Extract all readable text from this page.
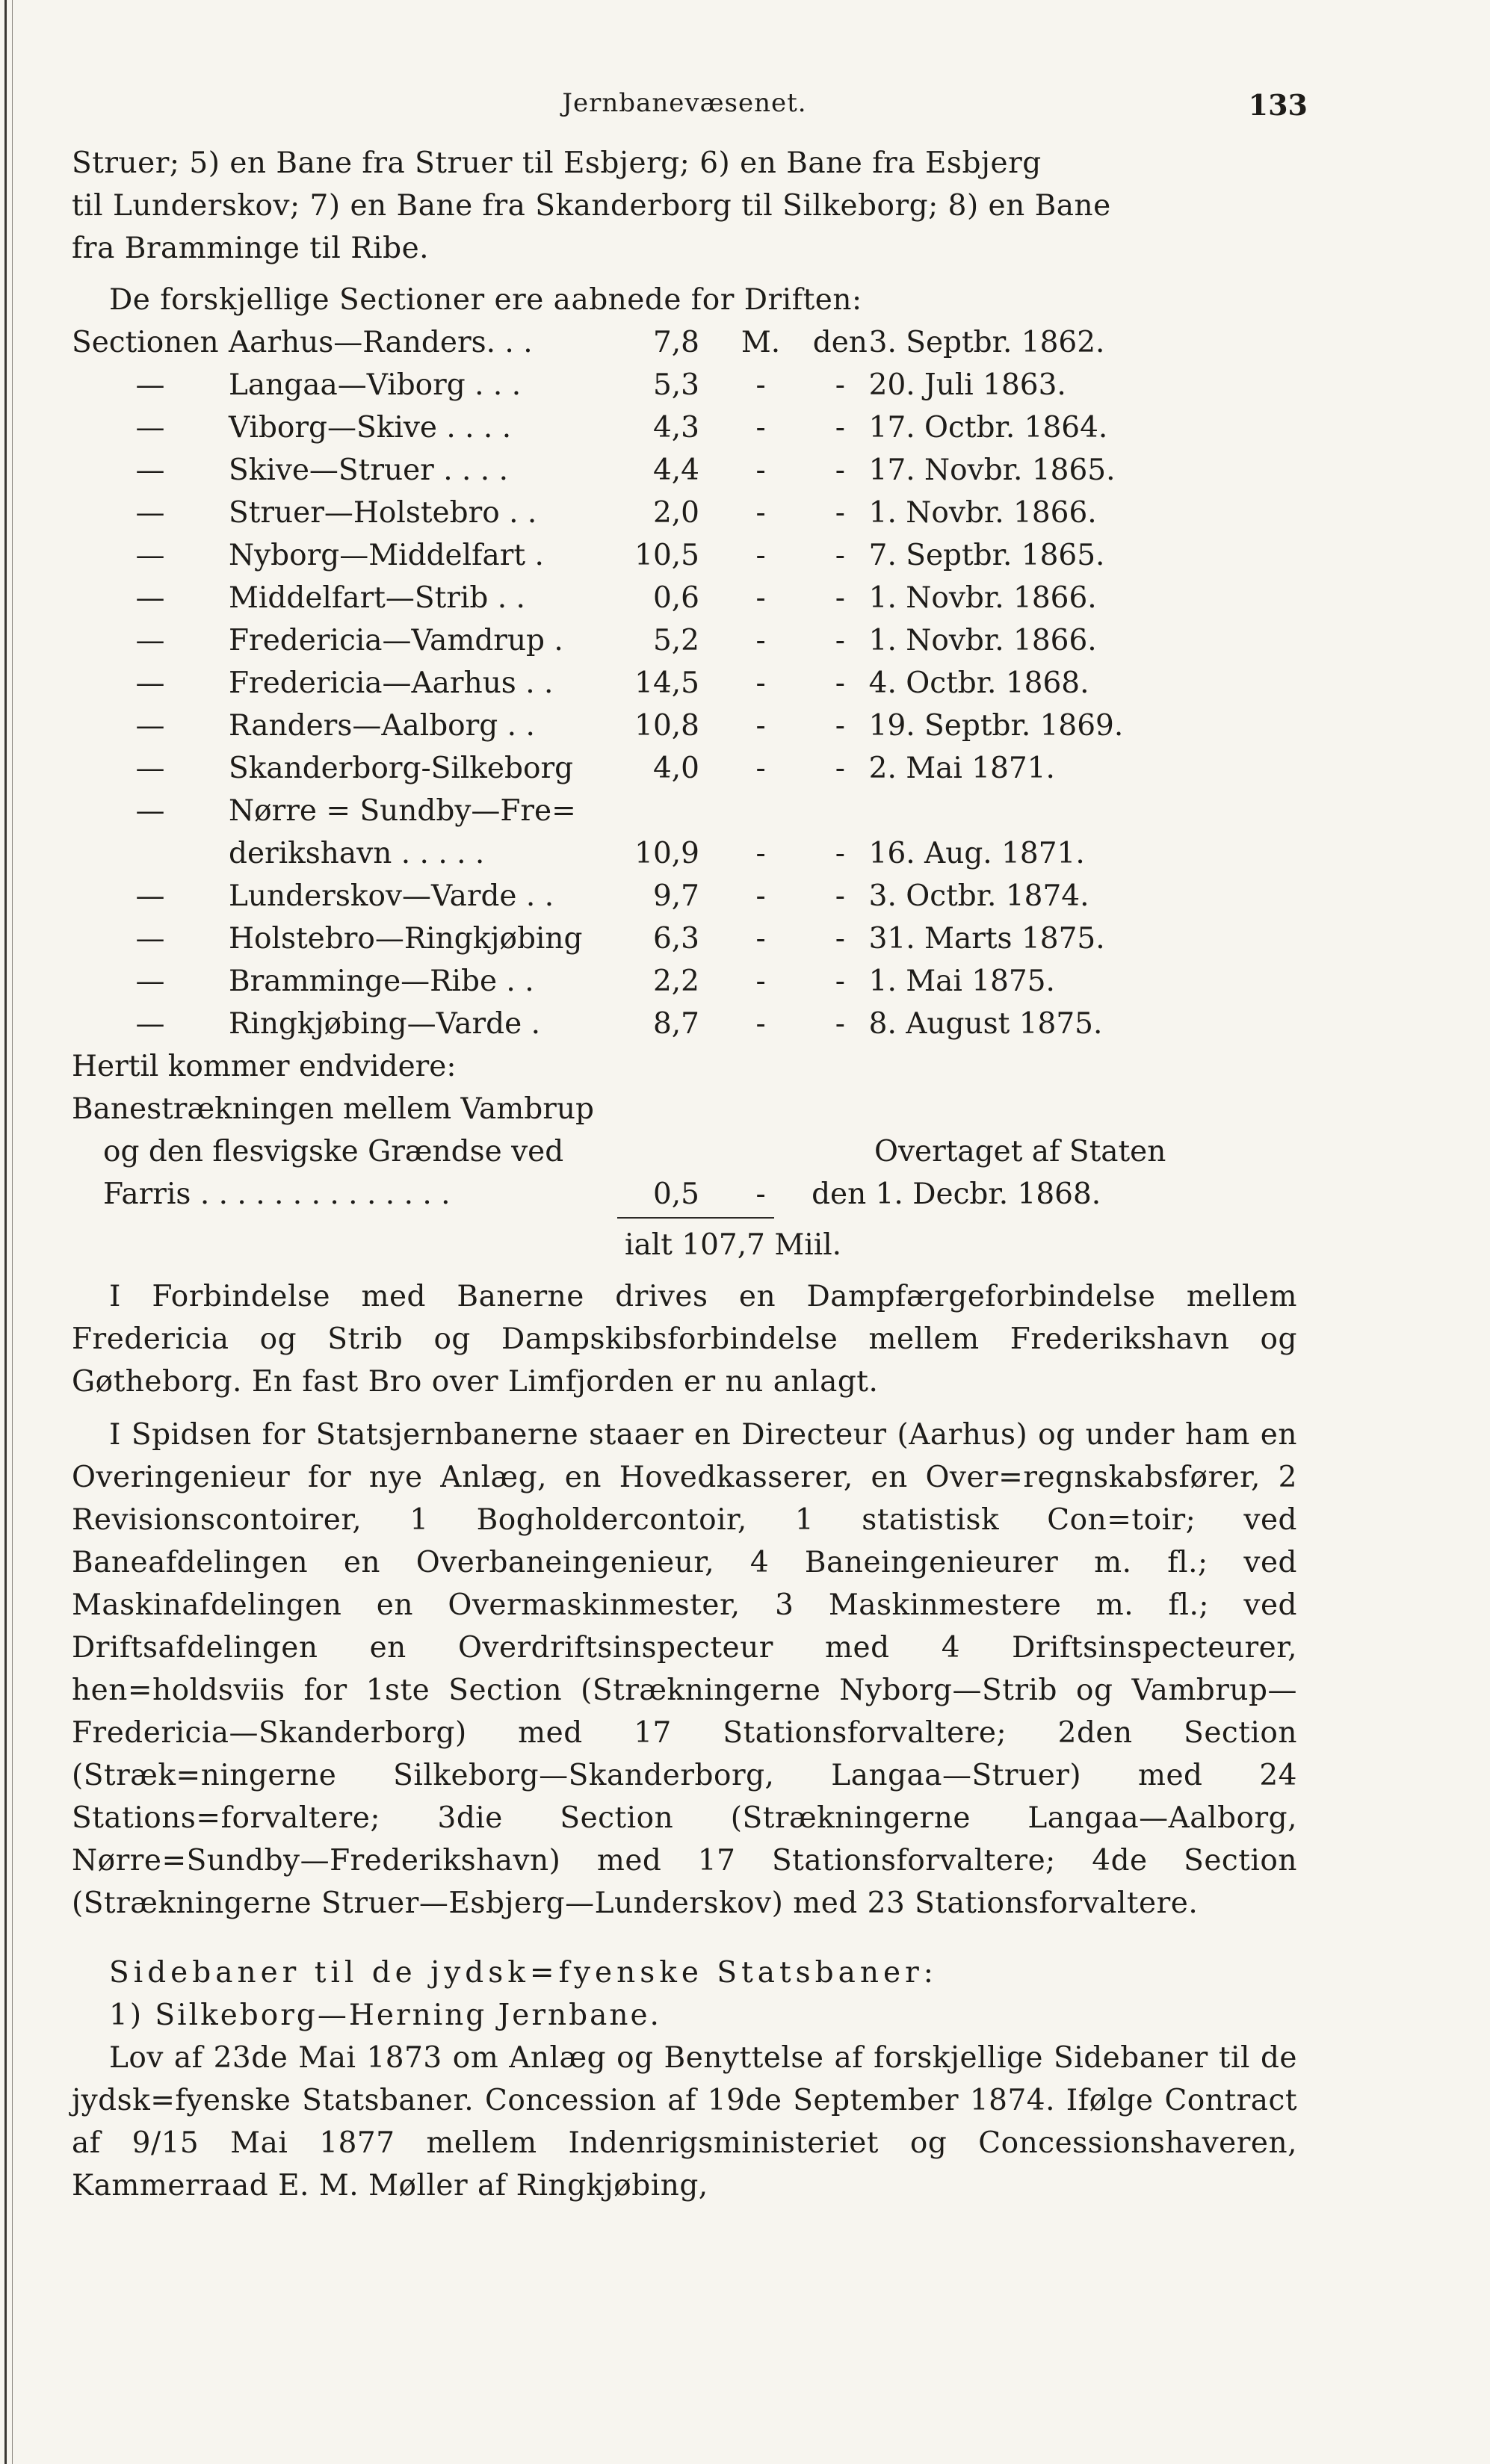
Jernbanevæsenet.	133

Struer; 5) en Bane fra Struer til Esbjerg; 6) en Bane fra Esbjerg

til Lunderskov; 7) en Bane fra Skanderborg til Silkeborg; 8) en Bane

fra Bramminge til Ribe.

De forskjellige Sectioner ere aabnede for Driften:

Sectionen	Aarhus—Randers. . .	7,8	M.	den	3. Septbr. 1862.
—	Langaa—Viborg . . .	5,3	-	-	20. Juli 1863.
—	Viborg—Skive . . . .	4,3	-	-	17. Octbr. 1864.
—	Skive—Struer . . . .	4,4	-	-	17. Novbr. 1865.
—	Struer—Holstebro . .	2,0	-	-	1. Novbr. 1866.
—	Nyborg—Middelfart .	10,5	-	-	7. Septbr. 1865.
—	Middelfart—Strib . .	0,6	-	-	1. Novbr. 1866.
—	Fredericia—Vamdrup .	5,2	-	-	1. Novbr. 1866.
—	Fredericia—Aarhus . .	14,5	-	-	4. Octbr. 1868.
—	Randers—Aalborg . .	10,8	-	-	19. Septbr. 1869.
—	Skanderborg-Silkeborg	4,0	-	-	2. Mai 1871.
—	Nørre = Sundby—Fre=				
	derikshavn . . . . .	10,9	-	-	16. Aug. 1871.
—	Lunderskov—Varde . .	9,7	-	-	3. Octbr. 1874.
—	Holstebro—Ringkjøbing	6,3	-	-	31. Marts 1875.
—	Bramminge—Ribe . .	2,2	-	-	1. Mai 1875.
—	Ringkjøbing—Varde .	8,7	-	-	8. August 1875.
Hertil kommer endvidere:					
Banestrækningen mellem Vambrup					
og den flesvigske Grændse ved			Overtaget af Staten		
Farris . . . . . . . . . . . . . .		0,5	-	den 1. Decbr. 1868.	
ialt 107,7 Miil.

I Forbindelse med Banerne drives en Dampfærgeforbindelse mellem Fredericia og Strib og Dampskibsforbindelse mellem Frederikshavn og Gøtheborg. En fast Bro over Limfjorden er nu anlagt.

I Spidsen for Statsjernbanerne staaer en Directeur (Aarhus) og under ham en Overingenieur for nye Anlæg, en Hovedkasserer, en Over=regnskabsfører, 2 Revisionscontoirer, 1 Bogholdercontoir, 1 statistisk Con=toir; ved Baneafdelingen en Overbaneingenieur, 4 Baneingenieurer m. fl.; ved Maskinafdelingen en Overmaskinmester, 3 Maskinmestere m. fl.; ved Driftsafdelingen en Overdriftsinspecteur med 4 Driftsinspecteurer, hen=holdsviis for 1ste Section (Strækningerne Nyborg—Strib og Vambrup—Fredericia—Skanderborg) med 17 Stationsforvaltere; 2den Section (Stræk=ningerne Silkeborg—Skanderborg, Langaa—Struer) med 24 Stations=forvaltere; 3die Section (Strækningerne Langaa—Aalborg, Nørre=Sundby—Frederikshavn) med 17 Stationsforvaltere; 4de Section (Strækningerne Struer—Esbjerg—Lunderskov) med 23 Stationsforvaltere.

Sidebaner til de jydsk=fyenske Statsbaner:

1) Silkeborg—Herning Jernbane.

Lov af 23de Mai 1873 om Anlæg og Benyttelse af forskjellige Sidebaner til de jydsk=fyenske Statsbaner. Concession af 19de September 1874. Ifølge Contract af 9/15 Mai 1877 mellem Indenrigsministeriet og Concessionshaveren, Kammerraad E. M. Møller af Ringkjøbing,
